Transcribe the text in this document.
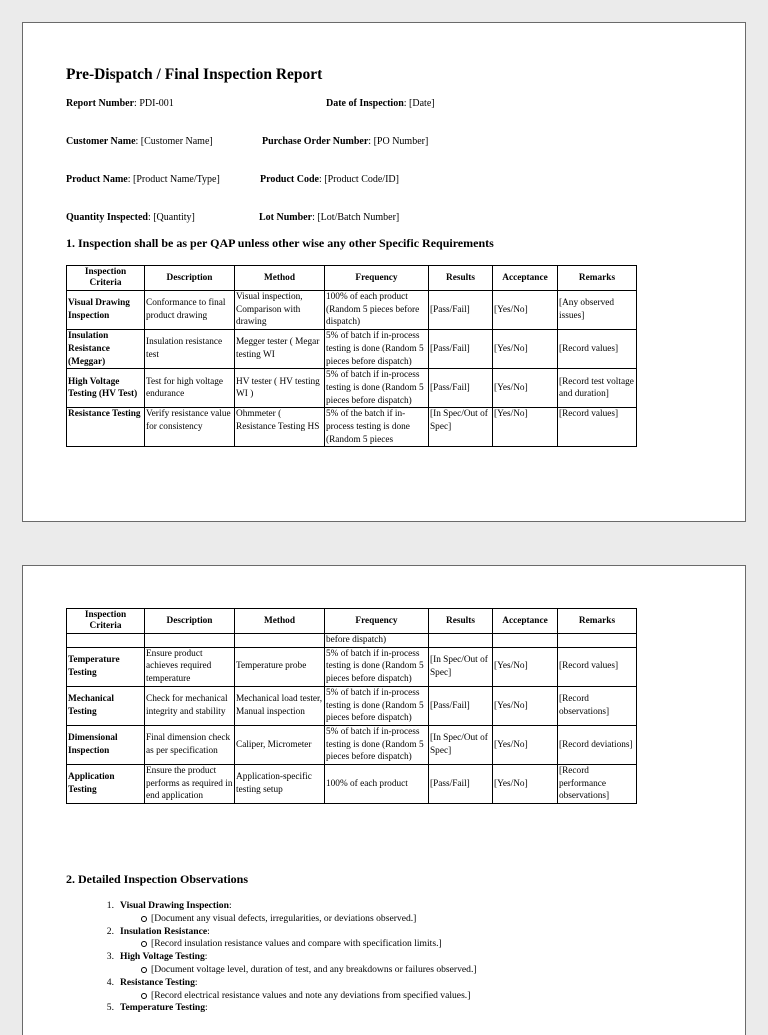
Pre-Dispatch / Final Inspection Report
Report Number: PDI-001	Date of Inspection: [Date]
Customer Name: [Customer Name]	Purchase Order Number: [PO Number]
Product Name: [Product Name/Type]	Product Code: [Product Code/ID]
Quantity Inspected: [Quantity]	Lot Number: [Lot/Batch Number]
1. Inspection shall be as per QAP unless other wise any other Specific Requirements
Inspection Criteria	Description	Method	Frequency	Results	Acceptance	Remarks
Visual Drawing Inspection	Conformance to final product drawing	Visual inspection, Comparison with drawing	100% of each product (Random 5 pieces before dispatch)	[Pass/Fail]	[Yes/No]	[Any observed issues]
Insulation Resistance (Meggar)	Insulation resistance test	Megger tester ( Megar testing WI	5% of batch if in-process testing is done (Random 5 pieces before dispatch)	[Pass/Fail]	[Yes/No]	[Record values]
High Voltage Testing (HV Test)	Test for high voltage endurance	HV tester ( HV testing WI )	5% of batch if in-process testing is done (Random 5 pieces before dispatch)	[Pass/Fail]	[Yes/No]	[Record test voltage and duration]
Resistance Testing	Verify resistance value for consistency	Ohmmeter ( Resistance Testing HS	5% of the batch if in-process testing is done (Random 5 pieces	[In Spec/Out of Spec]	[Yes/No]	[Record values]
Inspection Criteria	Description	Method	Frequency	Results	Acceptance	Remarks
			before dispatch)			
Temperature Testing	Ensure product achieves required temperature	Temperature probe	5% of batch if in-process testing is done (Random 5 pieces before dispatch)	[In Spec/Out of Spec]	[Yes/No]	[Record values]
Mechanical Testing	Check for mechanical integrity and stability	Mechanical load tester, Manual inspection	5% of batch if in-process testing is done (Random 5 pieces before dispatch)	[Pass/Fail]	[Yes/No]	[Record observations]
Dimensional Inspection	Final dimension check as per specification	Caliper, Micrometer	5% of batch if in-process testing is done (Random 5 pieces before dispatch)	[In Spec/Out of Spec]	[Yes/No]	[Record deviations]
Application Testing	Ensure the product performs as required in end application	Application-specific testing setup	100% of each product	[Pass/Fail]	[Yes/No]	[Record performance observations]
2. Detailed Inspection Observations
1. Visual Drawing Inspection:
[Document any visual defects, irregularities, or deviations observed.]
2. Insulation Resistance:
[Record insulation resistance values and compare with specification limits.]
3. High Voltage Testing:
[Document voltage level, duration of test, and any breakdowns or failures observed.]
4. Resistance Testing:
[Record electrical resistance values and note any deviations from specified values.]
5. Temperature Testing:
